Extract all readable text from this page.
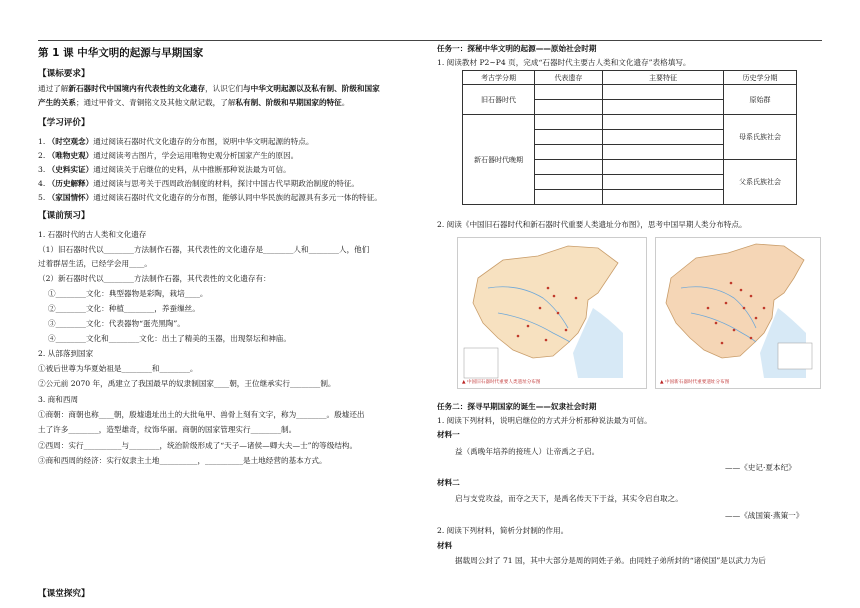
第 1 课 中华文明的起源与早期国家
【课标要求】
通过了解新石器时代中国境内有代表性的文化遗存，认识它们与中华文明起源以及私有制、阶级和国家
产生的关系；通过甲骨文、青铜铭文及其他文献记载，了解私有制、阶级和早期国家的特征。
【学习评价】
1. （时空观念）通过阅读石器时代文化遗存的分布图，说明中华文明起源的特点。
2. （唯物史观）通过阅读考古图片，学会运用唯物史观分析国家产生的原因。
3. （史料实证）通过阅读关于启继位的史料，从中推断那种说法最为可信。
4. （历史解释）通过阅读与思考关于西周政治制度的材料，探讨中国古代早期政治制度的特征。
5. （家国情怀）通过阅读石器时代文化遗存的分布图，能够认同中华民族的起源具有多元一体的特征。
【课前预习】
1. 石器时代的古人类和文化遗存
（1）旧石器时代以________方法制作石器，其代表性的文化遗存是________人和________人，他们
过着群居生活，已经学会用____。
（2）新石器时代以________方法制作石器，其代表性的文化遗存有：
①________文化：典型器物是彩陶，栽培____。
②________文化：种植________，养蚕缫丝。
③________文化：代表器物“蛋壳黑陶”。
④________文化和________文化：出土了精美的玉器，出现祭坛和神庙。
2. 从部落到国家
①被后世尊为华夏始祖是________和________。
②公元前 2070 年，禹建立了我国最早的奴隶制国家____朝，王位继承实行________制。
3. 商和西周
①商朝：商朝也称____朝，殷墟遗址出土的大批龟甲、兽骨上刻有文字，称为________。殷墟还出
土了许多________，造型雄奇，纹饰华丽。商朝的国家管理实行________制。
②西周：实行__________与________，统治阶级形成了“天子—诸侯—卿大夫—士”的等级结构。
③商和西周的经济：实行奴隶主土地__________，__________是土地经营的基本方式。
【课堂探究】
任务一：探秘中华文明的起源——原始社会时期
1. 阅读教材 P2~P4 页，完成“石器时代主要古人类和文化遗存”表格填写。
考古学分期	代表遗存	主要特征	历史学分期
旧石器时代			原始群

新石器时代晚期			母系氏族社会

			父系氏族社会

2. 阅读《中国旧石器时代和新石器时代重要人类遗址分布图》，思考中国早期人类分布特点。
▲ 中国旧石器时代重要人类遗址分布图	▲ 中国新石器时代重要遗址分布图
任务二：探寻早期国家的诞生——奴隶社会时期
1. 阅读下列材料，说明启继位的方式并分析那种说法最为可信。
材料一
益（禹晚年培养的接班人）让帝禹之子启。
——《史记·夏本纪》
材料二
启与支党攻益，而夺之天下，是禹名传天下于益，其实令启自取之。
——《战国策·燕策一》
2. 阅读下列材料，简析分封制的作用。
材料
据载周公封了 71 国，其中大部分是周的同姓子弟。由同姓子弟所封的“诸侯国”是以武力为后
